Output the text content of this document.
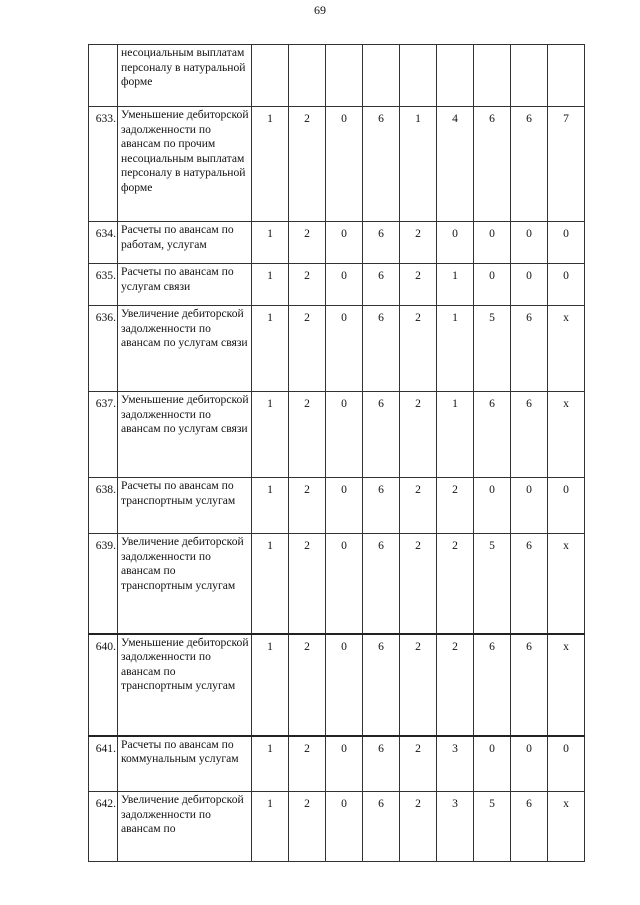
69
	несоциальным выплатам персоналу в натуральной форме									
633.	Уменьшение дебиторской задолженности по авансам по прочим несоциальным выплатам персоналу в натуральной форме	1	2	0	6	1	4	6	6	7
634.	Расчеты по авансам по работам, услугам	1	2	0	6	2	0	0	0	0
635.	Расчеты по авансам по услугам связи	1	2	0	6	2	1	0	0	0
636.	Увеличение дебиторской задолженности по авансам по услугам связи	1	2	0	6	2	1	5	6	x
637.	Уменьшение дебиторской задолженности по авансам по услугам связи	1	2	0	6	2	1	6	6	x
638.	Расчеты по авансам по транспортным услугам	1	2	0	6	2	2	0	0	0
639.	Увеличение дебиторской задолженности по авансам по транспортным услугам	1	2	0	6	2	2	5	6	x
640.	Уменьшение дебиторской задолженности по авансам по транспортным услугам	1	2	0	6	2	2	6	6	x
641.	Расчеты по авансам по коммунальным услугам	1	2	0	6	2	3	0	0	0
642.	Увеличение дебиторской задолженности по авансам по	1	2	0	6	2	3	5	6	x
